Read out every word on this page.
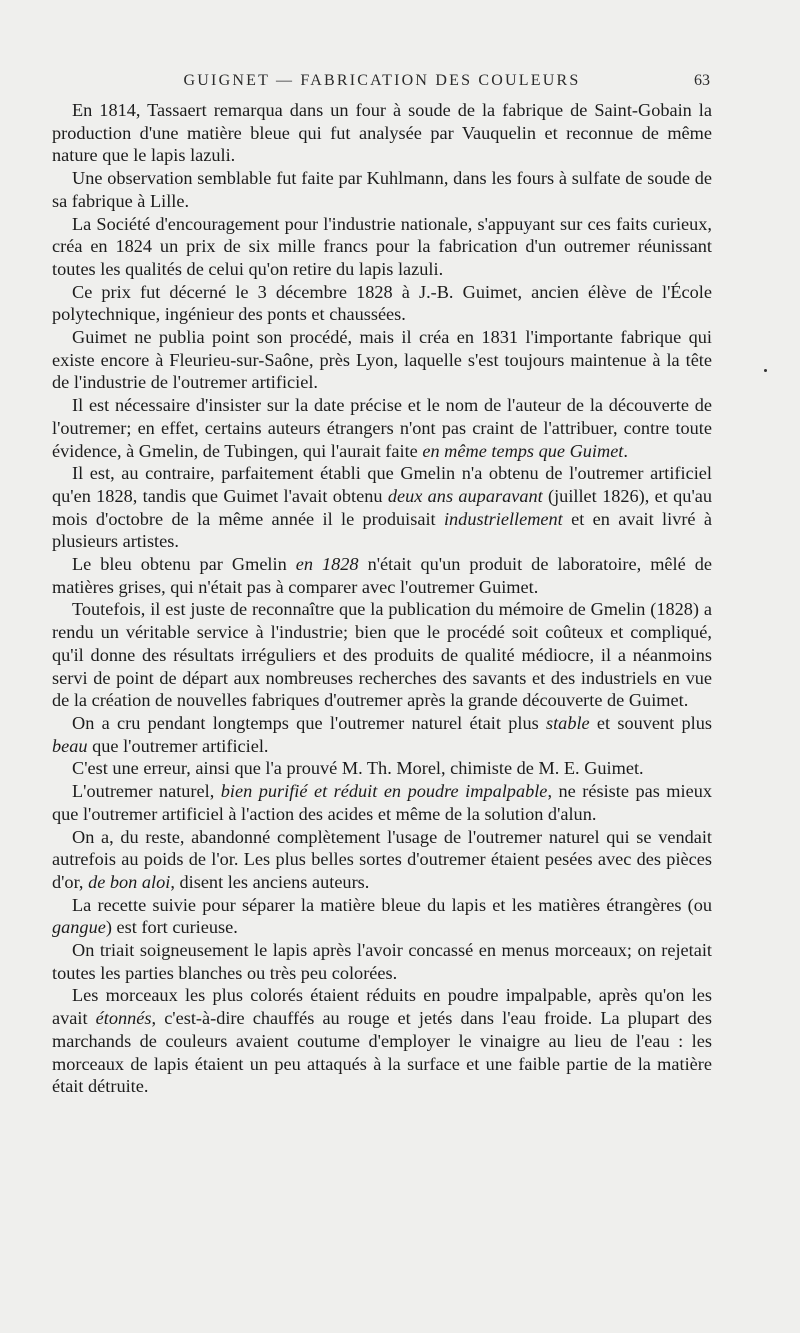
GUIGNET — FABRICATION DES COULEURS	63

En 1814, Tassaert remarqua dans un four à soude de la fabrique de Saint-Gobain la production d'une matière bleue qui fut analysée par Vauquelin et reconnue de même nature que le lapis lazuli.

Une observation semblable fut faite par Kuhlmann, dans les fours à sulfate de soude de sa fabrique à Lille.

La Société d'encouragement pour l'industrie nationale, s'appuyant sur ces faits curieux, créa en 1824 un prix de six mille francs pour la fabrication d'un outremer réunissant toutes les qualités de celui qu'on retire du lapis lazuli.

Ce prix fut décerné le 3 décembre 1828 à J.-B. Guimet, ancien élève de l'École polytechnique, ingénieur des ponts et chaussées.

Guimet ne publia point son procédé, mais il créa en 1831 l'importante fabrique qui existe encore à Fleurieu-sur-Saône, près Lyon, laquelle s'est toujours maintenue à la tête de l'industrie de l'outremer artificiel.

Il est nécessaire d'insister sur la date précise et le nom de l'auteur de la découverte de l'outremer; en effet, certains auteurs étrangers n'ont pas craint de l'attribuer, contre toute évidence, à Gmelin, de Tubingen, qui l'aurait faite en même temps que Guimet.

Il est, au contraire, parfaitement établi que Gmelin n'a obtenu de l'outremer artificiel qu'en 1828, tandis que Guimet l'avait obtenu deux ans auparavant (juillet 1826), et qu'au mois d'octobre de la même année il le produisait industriellement et en avait livré à plusieurs artistes.

Le bleu obtenu par Gmelin en 1828 n'était qu'un produit de laboratoire, mêlé de matières grises, qui n'était pas à comparer avec l'outremer Guimet.

Toutefois, il est juste de reconnaître que la publication du mémoire de Gmelin (1828) a rendu un véritable service à l'industrie; bien que le procédé soit coûteux et compliqué, qu'il donne des résultats irréguliers et des produits de qualité médiocre, il a néanmoins servi de point de départ aux nombreuses recherches des savants et des industriels en vue de la création de nouvelles fabriques d'outremer après la grande découverte de Guimet.

On a cru pendant longtemps que l'outremer naturel était plus stable et souvent plus beau que l'outremer artificiel.

C'est une erreur, ainsi que l'a prouvé M. Th. Morel, chimiste de M. E. Guimet.

L'outremer naturel, bien purifié et réduit en poudre impalpable, ne résiste pas mieux que l'outremer artificiel à l'action des acides et même de la solution d'alun.

On a, du reste, abandonné complètement l'usage de l'outremer naturel qui se vendait autrefois au poids de l'or. Les plus belles sortes d'outremer étaient pesées avec des pièces d'or, de bon aloi, disent les anciens auteurs.

La recette suivie pour séparer la matière bleue du lapis et les matières étrangères (ou gangue) est fort curieuse.

On triait soigneusement le lapis après l'avoir concassé en menus morceaux; on rejetait toutes les parties blanches ou très peu colorées.

Les morceaux les plus colorés étaient réduits en poudre impalpable, après qu'on les avait étonnés, c'est-à-dire chauffés au rouge et jetés dans l'eau froide. La plupart des marchands de couleurs avaient coutume d'employer le vinaigre au lieu de l'eau : les morceaux de lapis étaient un peu attaqués à la surface et une faible partie de la matière était détruite.
